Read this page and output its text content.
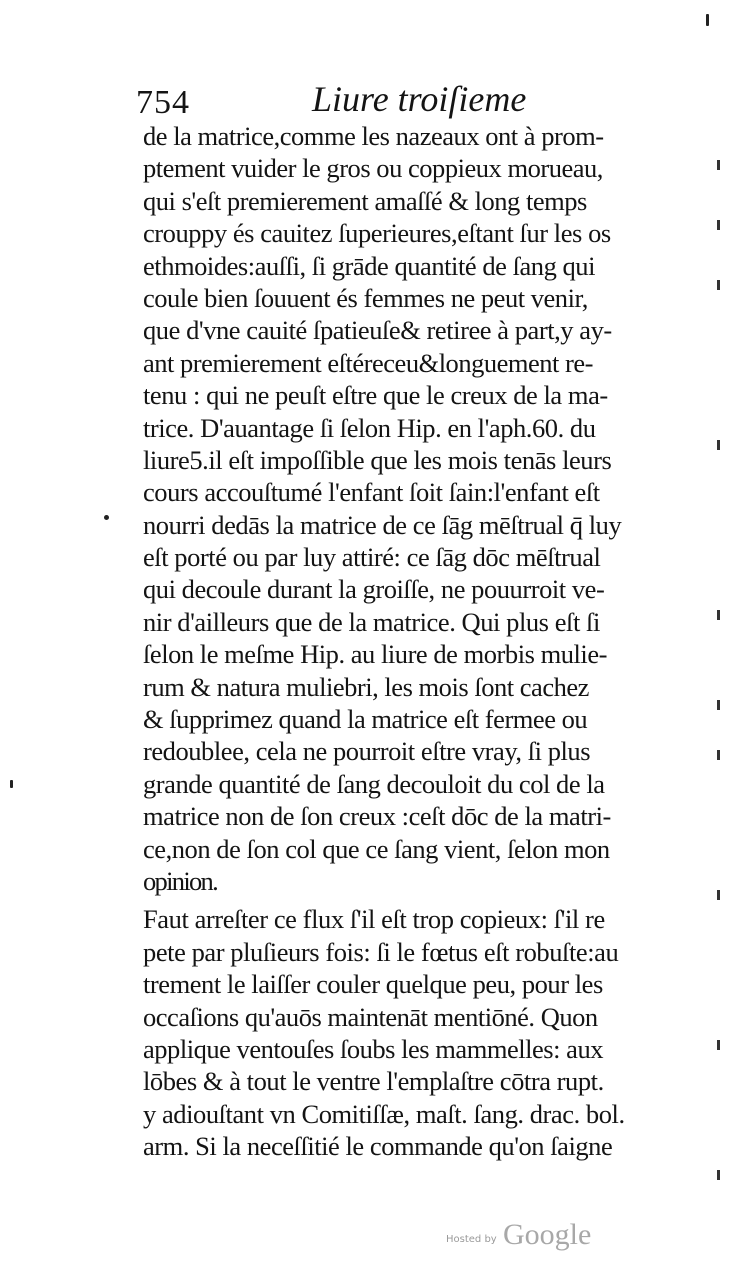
754	Liure troiſieme
de la matrice,comme les nazeaux ont à prom-
ptement vuider le gros ou coppieux morueau,
qui s'eſt premierement amaſſé & long temps
crouppy és cauitez ſuperieures,eſtant ſur les os
ethmoides:auſſi, ſi grāde quantité de ſang qui
coule bien ſouuent és femmes ne peut venir,
que d'vne cauité ſpatieuſe& retiree à part,y ay-
ant premierement eſtéreceu&longuement re-
tenu : qui ne peuſt eſtre que le creux de la ma-
trice. D'auantage ſi ſelon Hip. en l'aph.60. du
liure5.il eſt impoſſible que les mois tenās leurs
cours accouſtumé l'enfant ſoit ſain:l'enfant eſt
nourri dedās la matrice de ce ſāg mēſtrual q̄ luy
eſt porté ou par luy attiré: ce ſāg dōc mēſtrual
qui decoule durant la groiſſe, ne pouurroit ve-
nir d'ailleurs que de la matrice. Qui plus eſt ſi
ſelon le meſme Hip. au liure de morbis mulie-
rum & natura muliebri, les mois ſont cachez
& ſupprimez quand la matrice eſt fermee ou
redoublee, cela ne pourroit eſtre vray, ſi plus
grande quantité de ſang decouloit du col de la
matrice non de ſon creux :ceſt dōc de la matri-
ce,non de ſon col que ce ſang vient, ſelon mon
opinion.
Faut arreſter ce flux ſ'il eſt trop copieux: ſ'il re
pete par pluſieurs fois: ſi le fœtus eſt robuſte:au
trement le laiſſer couler quelque peu, pour les
occaſions qu'auōs maintenāt mentiōné. Quon
applique ventouſes ſoubs les mammelles: aux
lōbes & à tout le ventre l'emplaſtre cōtra rupt.
y adiouſtant vn Comitiſſæ, maſt. ſang. drac. bol.
arm. Si la neceſſitié le commande qu'on ſaigne
Hosted by Google
